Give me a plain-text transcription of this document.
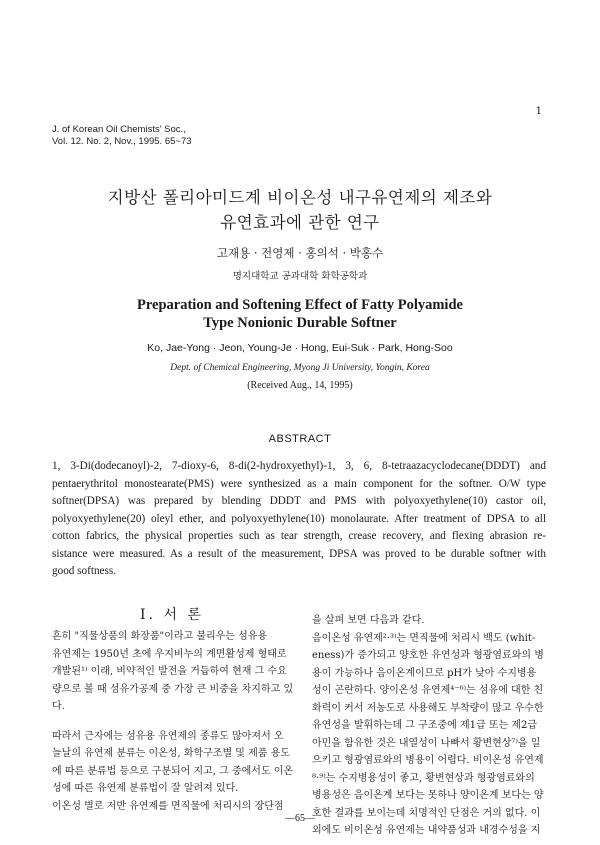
1
J. of Korean Oil Chemists' Soc.,
Vol. 12. No. 2, Nov., 1995. 65~73
지방산 폴리아미드계 비이온성 내구유연제의 제조와
유연효과에 관한 연구
고재용 · 전영제 · 홍의석 · 박홍수
명지대학교 공과대학 화학공학과
Preparation and Softening Effect of Fatty Polyamide
Type Nonionic Durable Softner
Ko, Jae-Yong · Jeon, Young-Je · Hong, Eui-Suk · Park, Hong-Soo
Dept. of Chemical Engineering, Myong Ji University, Yongin, Korea
(Received Aug., 14, 1995)
ABSTRACT
1, 3-Di(dodecanoyl)-2, 7-dioxy-6, 8-di(2-hydroxyethyl)-1, 3, 6, 8-tetraazacyclodecane(DDDT) and
pentaerythritol monostearate(PMS) were synthesized as a main component for the softner. O/W type
softner(DPSA) was prepared by blending DDDT and PMS with polyoxyethylene(10) castor oil,
polyoxyethylene(20) oleyl ether, and polyoxyethylene(10) monolaurate. After treatment of DPSA to all
cotton fabrics, the physical properties such as tear strength, crease recovery, and flexing abrasion re-
sistance were measured. As a result of the measurement, DPSA was proved to be durable softner with
good softness.
I. 서 론
흔히 "직물상품의 화장품"이라고 불리우는 섬유용
유연제는 1950년 초에 우지비누의 계면활성제 형태로
개발된¹⁾ 이래, 비약적인 발전을 거듭하여 현재 그 수요
량으로 볼 때 섬유가공제 중 가장 큰 비중을 차지하고 있
다.
따라서 근자에는 섬유용 유연제의 종류도 많아져서 오
늘날의 유연제 분류는 이온성, 화학구조별 및 제품 용도
에 따른 분류법 등으로 구분되어 지고, 그 중에서도 이온
성에 따른 유연제 분류법이 잘 알려져 있다.
이온성 별로 저반 유연제를 면직물에 처리시의 장단점
을 살펴 보면 다음과 같다.
음이온성 유연제²·³⁾는 면직물에 처리시 백도 (whit-
eness)가 증가되고 양호한 유연성과 형광염료와의 병
용이 가능하나 음이온계이므로 pH가 낮아 수지병용
성이 곤란하다. 양이온성 유연제⁴⁻⁶⁾는 섬유에 대한 친
화력이 커서 저농도로 사용해도 부착량이 많고 우수한
유연성을 발휘하는데 그 구조중에 제1급 또는 제2급
아민을 함유한 것은 내열성이 나빠서 황변현상⁷⁾을 일
으키고 형광염료와의 병용이 어렵다. 비이온성 유연제
⁸·⁹⁾는 수지병용성이 좋고, 황변현상과 형광염료와의
병용성은 음이온계 보다는 못하나 양이온계 보다는 양
호한 결과를 보이는데 치명적인 단점은 거의 없다. 이
외에도 비이온성 유연제는 내약품성과 내경수성을 지
—65—
